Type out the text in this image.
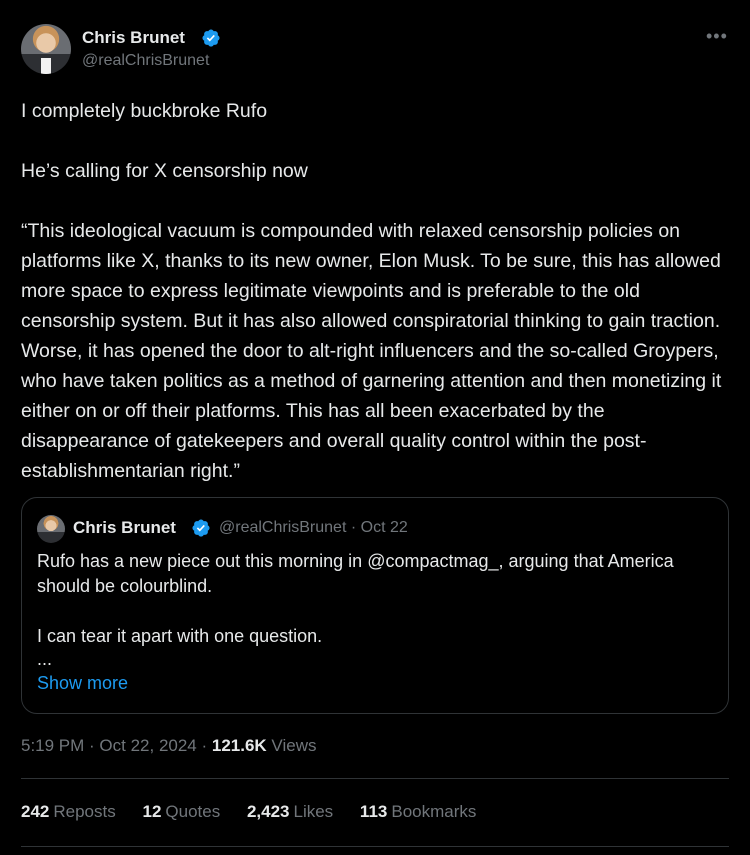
Chris Brunet
@realChrisBrunet
•••

I completely buckbroke Rufo

He’s calling for X censorship now

“This ideological vacuum is compounded with relaxed censorship policies on platforms like X, thanks to its new owner, Elon Musk. To be sure, this has allowed more space to express legitimate viewpoints and is preferable to the old censorship system. But it has also allowed conspiratorial thinking to gain traction. Worse, it has opened the door to alt-right influencers and the so-called Groypers, who have taken politics as a method of garnering attention and then monetizing it either on or off their platforms. This has all been exacerbated by the disappearance of gatekeepers and overall quality control within the post-establishmentarian right.”

Chris Brunet	@realChrisBrunet · Oct 22

Rufo has a new piece out this morning in @compactmag_, arguing that America should be colourblind.

I can tear it apart with one question.

...
Show more
5:19 PM · Oct 22, 2024 · 121.6K Views
242 Reposts 12 Quotes 2,423 Likes 113 Bookmarks
